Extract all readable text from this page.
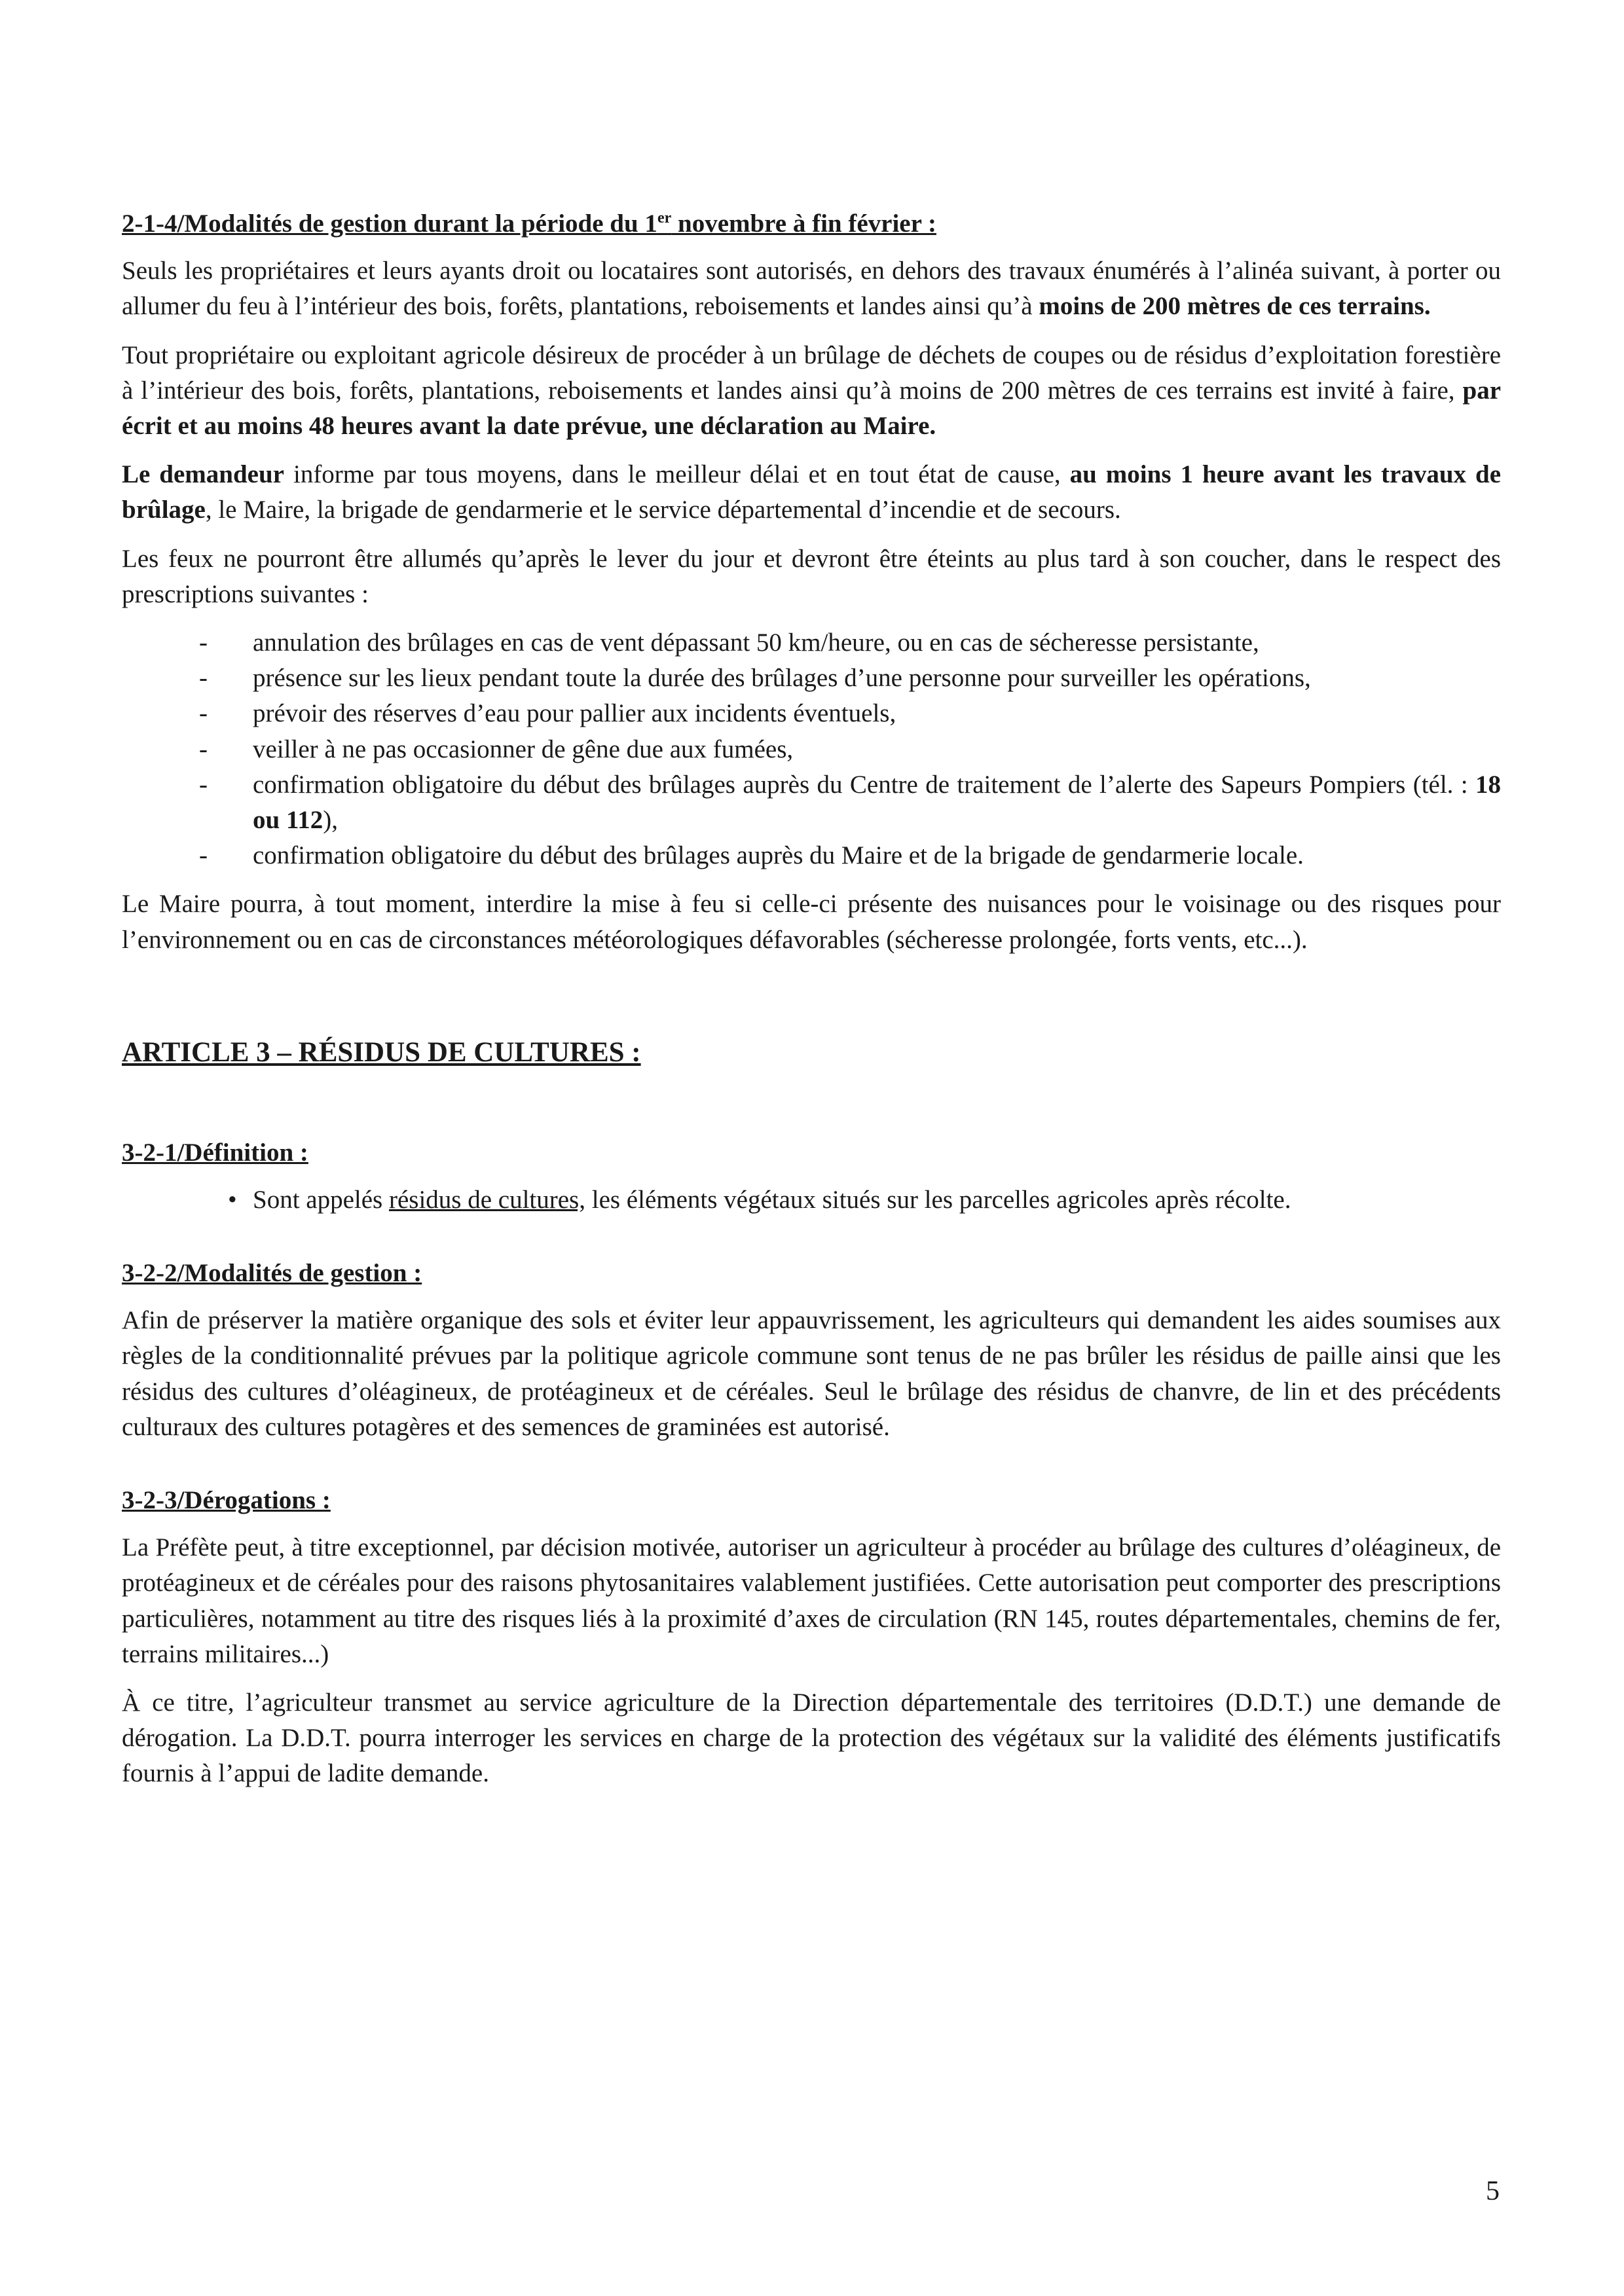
2-1-4/Modalités de gestion durant la période du 1er novembre à fin février :

Seuls les propriétaires et leurs ayants droit ou locataires sont autorisés, en dehors des travaux énumérés à l’alinéa suivant, à porter ou allumer du feu à l’intérieur des bois, forêts, plantations, reboisements et landes ainsi qu’à moins de 200 mètres de ces terrains.

Tout propriétaire ou exploitant agricole désireux de procéder à un brûlage de déchets de coupes ou de résidus d’exploitation forestière à l’intérieur des bois, forêts, plantations, reboisements et landes ainsi qu’à moins de 200 mètres de ces terrains est invité à faire, par écrit et au moins 48 heures avant la date prévue, une déclaration au Maire.

Le demandeur informe par tous moyens, dans le meilleur délai et en tout état de cause, au moins 1 heure avant les travaux de brûlage, le Maire, la brigade de gendarmerie et le service départemental d’incendie et de secours.

Les feux ne pourront être allumés qu’après le lever du jour et devront être éteints au plus tard à son coucher, dans le respect des prescriptions suivantes :

- annulation des brûlages en cas de vent dépassant 50 km/heure, ou en cas de sécheresse persistante,
- présence sur les lieux pendant toute la durée des brûlages d’une personne pour surveiller les opérations,
- prévoir des réserves d’eau pour pallier aux incidents éventuels,
- veiller à ne pas occasionner de gêne due aux fumées,
- confirmation obligatoire du début des brûlages auprès du Centre de traitement de l’alerte des Sapeurs Pompiers (tél. : 18 ou 112),
- confirmation obligatoire du début des brûlages auprès du Maire et de la brigade de gendarmerie locale.

Le Maire pourra, à tout moment, interdire la mise à feu si celle-ci présente des nuisances pour le voisinage ou des risques pour l’environnement ou en cas de circonstances météorologiques défavorables (sécheresse prolongée, forts vents, etc...).

ARTICLE 3 – RÉSIDUS DE CULTURES :
3-2-1/Définition :

• Sont appelés résidus de cultures, les éléments végétaux situés sur les parcelles agricoles après récolte.

3-2-2/Modalités de gestion :

Afin de préserver la matière organique des sols et éviter leur appauvrissement, les agriculteurs qui demandent les aides soumises aux règles de la conditionnalité prévues par la politique agricole commune sont tenus de ne pas brûler les résidus de paille ainsi que les résidus des cultures d’oléagineux, de protéagineux et de céréales. Seul le brûlage des résidus de chanvre, de lin et des précédents culturaux des cultures potagères et des semences de graminées est autorisé.

3-2-3/Dérogations :

La Préfète peut, à titre exceptionnel, par décision motivée, autoriser un agriculteur à procéder au brûlage des cultures d’oléagineux, de protéagineux et de céréales pour des raisons phytosanitaires valablement justifiées. Cette autorisation peut comporter des prescriptions particulières, notamment au titre des risques liés à la proximité d’axes de circulation (RN 145, routes départementales, chemins de fer, terrains militaires...)

À ce titre, l’agriculteur transmet au service agriculture de la Direction départementale des territoires (D.D.T.) une demande de dérogation. La D.D.T. pourra interroger les services en charge de la protection des végétaux sur la validité des éléments justificatifs fournis à l’appui de ladite demande.

5
